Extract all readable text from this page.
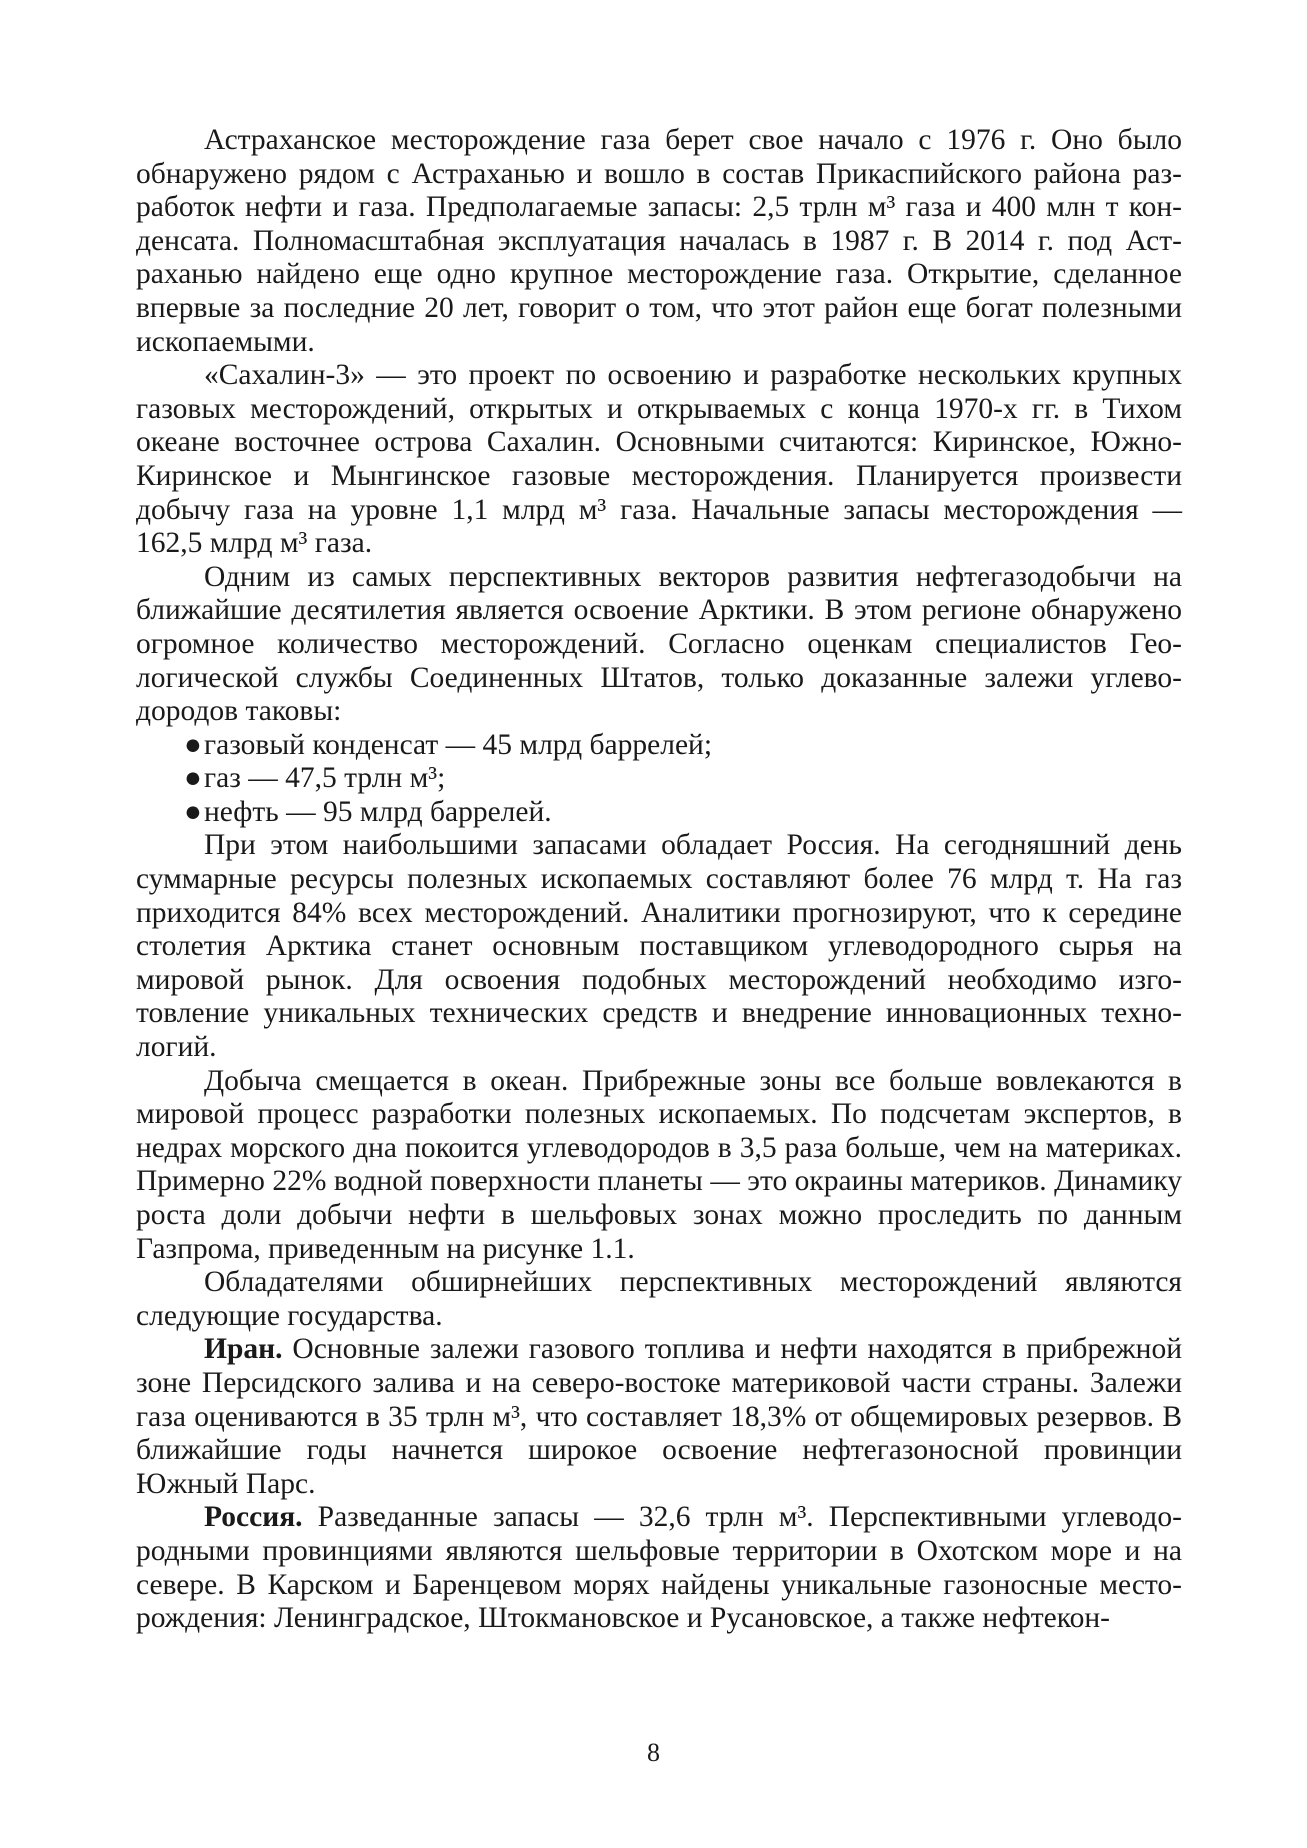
Астраханское месторождение газа берет свое начало с 1976 г. Оно было обнаружено рядом с Астраханью и вошло в состав Прикаспийского района разработок нефти и газа. Предполагаемые запасы: 2,5 трлн м³ газа и 400 млн т конденсата. Полномасштабная эксплуатация началась в 1987 г. В 2014 г. под Астраханью найдено еще одно крупное месторождение газа. Открытие, сделанное впервые за последние 20 лет, говорит о том, что этот район еще богат полезными ископаемыми.

«Сахалин-3» — это проект по освоению и разработке нескольких крупных газовых месторождений, открытых и открываемых с конца 1970-х гг. в Тихом океане восточнее острова Сахалин. Основными считаются: Киринское, Южно-Киринское и Мынгинское газовые месторождения. Планируется произвести добычу газа на уровне 1,1 млрд м³ газа. Начальные запасы месторождения — 162,5 млрд м³ газа.

Одним из самых перспективных векторов развития нефтегазодобычи на ближайшие десятилетия является освоение Арктики. В этом регионе обнаружено огромное количество месторождений. Согласно оценкам специалистов Геологической службы Соединенных Штатов, только доказанные залежи углеводородов таковы:

● газовый конденсат — 45 млрд баррелей;
● газ — 47,5 трлн м³;
● нефть — 95 млрд баррелей.

При этом наибольшими запасами обладает Россия. На сегодняшний день суммарные ресурсы полезных ископаемых составляют более 76 млрд т. На газ приходится 84% всех месторождений. Аналитики прогнозируют, что к середине столетия Арктика станет основным поставщиком углеводородного сырья на мировой рынок. Для освоения подобных месторождений необходимо изготовление уникальных технических средств и внедрение инновационных технологий.

Добыча смещается в океан. Прибрежные зоны все больше вовлекаются в мировой процесс разработки полезных ископаемых. По подсчетам экспертов, в недрах морского дна покоится углеводородов в 3,5 раза больше, чем на материках. Примерно 22% водной поверхности планеты — это окраины материков. Динамику роста доли добычи нефти в шельфовых зонах можно проследить по данным Газпрома, приведенным на рисунке 1.1.

Обладателями обширнейших перспективных месторождений являются следующие государства.

Иран. Основные залежи газового топлива и нефти находятся в прибрежной зоне Персидского залива и на северо-востоке материковой части страны. Залежи газа оцениваются в 35 трлн м³, что составляет 18,3% от общемировых резервов. В ближайшие годы начнется широкое освоение нефтегазоносной провинции Южный Парс.

Россия. Разведанные запасы — 32,6 трлн м³. Перспективными углеводородными провинциями являются шельфовые территории в Охотском море и на севере. В Карском и Баренцевом морях найдены уникальные газоносные месторождения: Ленинградское, Штокмановское и Русановское, а также нефтекон-

8
